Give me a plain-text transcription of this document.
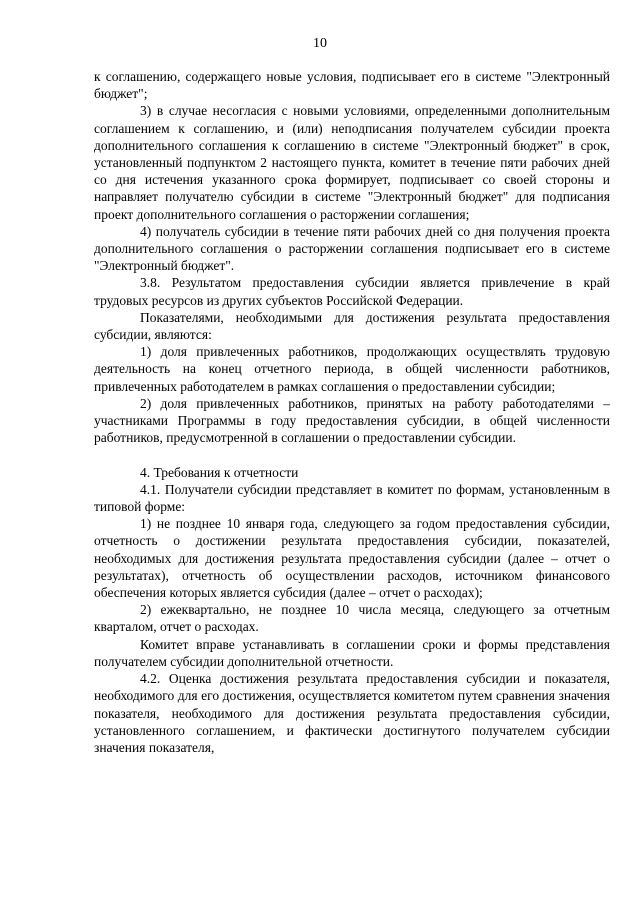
10

к соглашению, содержащего новые условия, подписывает его в системе "Электронный бюджет";

3) в случае несогласия с новыми условиями, определенными дополнительным соглашением к соглашению, и (или) неподписания получателем субсидии проекта дополнительного соглашения к соглашению в системе "Электронный бюджет" в срок, установленный подпунктом 2 настоящего пункта, комитет в течение пяти рабочих дней со дня истечения указанного срока формирует, подписывает со своей стороны и направляет получателю субсидии в системе "Электронный бюджет" для подписания проект дополнительного соглашения о расторжении соглашения;

4) получатель субсидии в течение пяти рабочих дней со дня получения проекта дополнительного соглашения о расторжении соглашения подписывает его в системе "Электронный бюджет".

3.8. Результатом предоставления субсидии является привлечение в край трудовых ресурсов из других субъектов Российской Федерации.

Показателями, необходимыми для достижения результата предоставления субсидии, являются:

1) доля привлеченных работников, продолжающих осуществлять трудовую деятельность на конец отчетного периода, в общей численности работников, привлеченных работодателем в рамках соглашения о предоставлении субсидии;

2) доля привлеченных работников, принятых на работу работодателями – участниками Программы в году предоставления субсидии, в общей численности работников, предусмотренной в соглашении о предоставлении субсидии.

4. Требования к отчетности

4.1. Получатели субсидии представляет в комитет по формам, установленным в типовой форме:

1) не позднее 10 января года, следующего за годом предоставления субсидии, отчетность о достижении результата предоставления субсидии, показателей, необходимых для достижения результата предоставления субсидии (далее – отчет о результатах), отчетность об осуществлении расходов, источником финансового обеспечения которых является субсидия (далее – отчет о расходах);

2) ежеквартально, не позднее 10 числа месяца, следующего за отчетным кварталом, отчет о расходах.

Комитет вправе устанавливать в соглашении сроки и формы представления получателем субсидии дополнительной отчетности.

4.2. Оценка достижения результата предоставления субсидии и показателя, необходимого для его достижения, осуществляется комитетом путем сравнения значения показателя, необходимого для достижения результата предоставления субсидии, установленного соглашением, и фактически достигнутого получателем субсидии значения показателя,
